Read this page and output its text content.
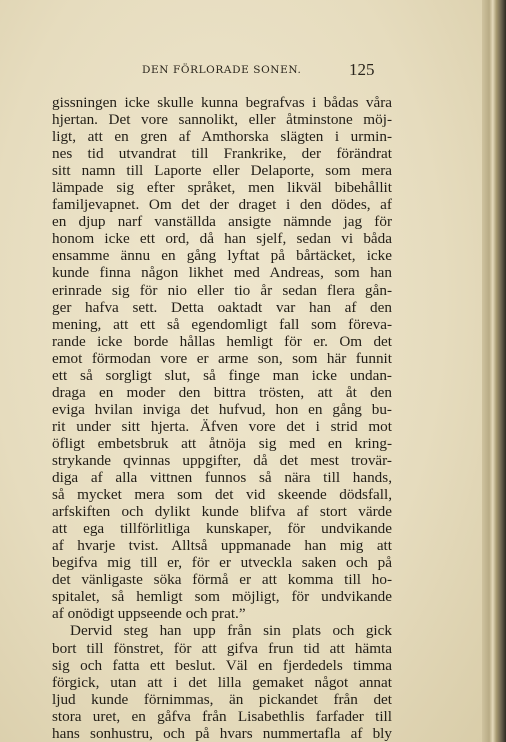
DEN FÖRLORADE SONEN.	125
gissningen icke skulle kunna begrafvas i bådas våra
hjertan. Det vore sannolikt, eller åtminstone möj-
ligt, att en gren af Amthorska slägten i urmin-
nes tid utvandrat till Frankrike, der förändrat
sitt namn till Laporte eller Delaporte, som mera
lämpade sig efter språket, men likväl bibehållit
familjevapnet. Om det der draget i den dödes, af
en djup narf vanställda ansigte nämnde jag för
honom icke ett ord, då han sjelf, sedan vi båda
ensamme ännu en gång lyftat på bårtäcket, icke
kunde finna någon likhet med Andreas, som han
erinrade sig för nio eller tio år sedan flera gån-
ger hafva sett. Detta oaktadt var han af den
mening, att ett så egendomligt fall som föreva-
rande icke borde hållas hemligt för er. Om det
emot förmodan vore er arme son, som här funnit
ett så sorgligt slut, så finge man icke undan-
draga en moder den bittra trösten, att åt den
eviga hvilan inviga det hufvud, hon en gång bu-
rit under sitt hjerta. Äfven vore det i strid mot
öfligt embetsbruk att åtnöja sig med en kring-
strykande qvinnas uppgifter, då det mest trovär-
diga af alla vittnen funnos så nära till hands,
så mycket mera som det vid skeende dödsfall,
arfskiften och dylikt kunde blifva af stort värde
att ega tillförlitliga kunskaper, för undvikande
af hvarje tvist. Alltså uppmanade han mig att
begifva mig till er, för er utveckla saken och på
det vänligaste söka förmå er att komma till ho-
spitalet, så hemligt som möjligt, för undvikande
af onödigt uppseende och prat.”
Dervid steg han upp från sin plats och gick
bort till fönstret, för att gifva frun tid att hämta
sig och fatta ett beslut. Väl en fjerdedels timma
förgick, utan att i det lilla gemaket något annat
ljud kunde förnimmas, än pickandet från det
stora uret, en gåfva från Lisabethlis farfader till
hans sonhustru, och på hvars nummertafla af bly
